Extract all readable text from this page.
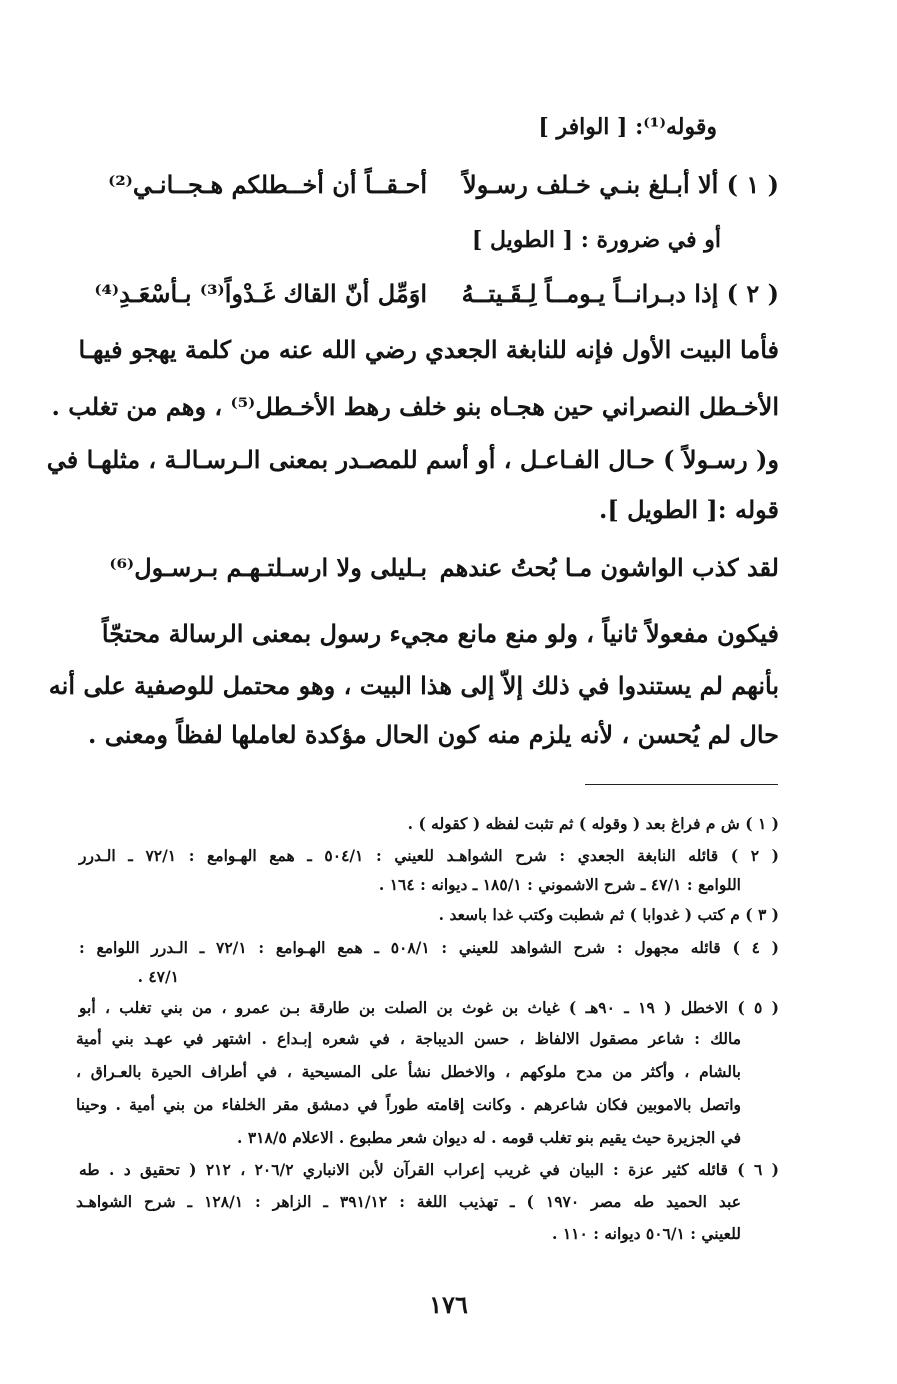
وقوله⁽¹⁾: [ الوافر ]
( ١ ) ألا أبـلغ بنـي خـلف رسـولاً
أحـقــاً أن أخــطلكم هـجــانـي⁽²⁾
أو في ضرورة : [ الطويل ]
( ٢ ) إذا دبـرانــاً يـومــاً لِـقَـيتــهُ
اوَمِّل أنّ القاك غَـدْواً⁽³⁾ بـأسْعَـدِ⁽⁴⁾
فأما البيت الأول فإنه للنابغة الجعدي رضي الله عنه من كلمة يهجو فيهـا
الأخـطل النصراني حين هجـاه بنو خلف رهط الأخـطل⁽⁵⁾ ، وهم من تغلب .
و( رسـولاً ) حـال الفـاعـل ، أو أسم للمصـدر بمعنى الـرسـالـة ، مثلهـا في
قوله :[ الطويل ].
لقد كذب الواشون مـا بُحتُ عندهم
بـليلى ولا ارسـلتـهـم بـرسـول⁽⁶⁾
فيكون مفعولاً ثانياً ، ولو منع مانع مجيء رسول بمعنى الرسالة محتجّاً
بأنهم لم يستندوا في ذلك إلاّ إلى هذا البيت ، وهو محتمل للوصفية على أنه
حال لم يُحسن ، لأنه يلزم منه كون الحال مؤكدة لعاملها لفظاً ومعنى .
( ١ ) ش م فراغ بعد ( وقوله ) ثم تثبت لفظه ( كقوله ) .
( ٢ ) قائله النابغة الجعدي : شرح الشواهـد للعيني : ٥٠٤/١ ـ همع الهـوامع : ٧٢/١ ـ الـدرر
اللوامع : ٤٧/١ ـ شرح الاشموني : ١٨٥/١ ـ ديوانه : ١٦٤ .
( ٣ ) م كتب ( غدوابا ) ثم شطبت وكتب غدا باسعد .
( ٤ ) قائله مجهول : شرح الشواهد للعيني : ٥٠٨/١ ـ همع الهـوامع : ٧٢/١ ـ الـدرر اللوامع :
٤٧/١ .
( ٥ ) الاخطل ( ١٩ ـ ٩٠هـ ) غياث بن غوث بن الصلت بن طارقة بـن عمرو ، من بني تغلب ، أبو
مالك : شاعر مصقول الالفاظ ، حسن الديباجة ، في شعره إبـداع . اشتهر في عهـد بني أمية
بالشام ، وأكثر من مدح ملوكهم ، والاخطل نشأ على المسيحية ، في أطراف الحيرة بالعـراق ،
واتصل بالاموبين فكان شاعرهم . وكانت إقامته طوراً في دمشق مقر الخلفاء من بني أمية . وحينا
في الجزيرة حيث يقيم بنو تغلب قومه . له ديوان شعر مطبوع . الاعلام ٣١٨/٥ .
( ٦ ) قائله كثير عزة : البيان في غريب إعراب القرآن لأبن الانباري ٢٠٦/٢ ، ٢١٢ ( تحقيق د . طه
عبد الحميد طه مصر ١٩٧٠ ) ـ تهذيب اللغة : ٣٩١/١٢ ـ الزاهر : ١٢٨/١ ـ شرح الشواهـد
للعيني : ٥٠٦/١ ديوانه : ١١٠ .
١٧٦
